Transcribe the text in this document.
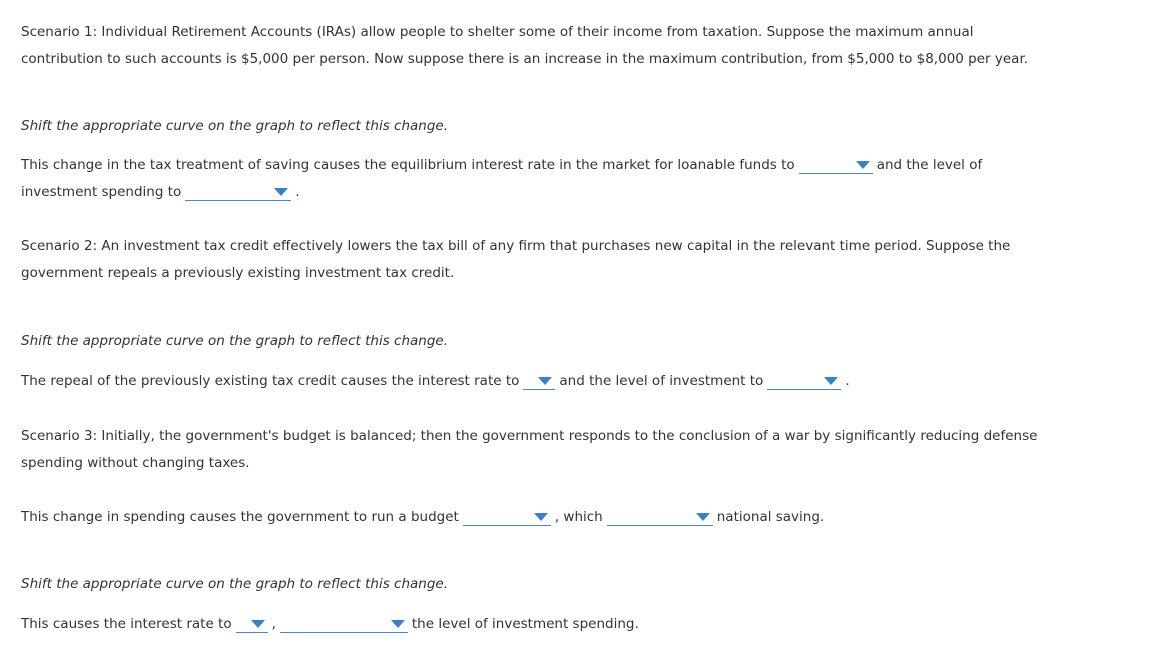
Scenario 1: Individual Retirement Accounts (IRAs) allow people to shelter some of their income from taxation. Suppose the maximum annual

contribution to such accounts is $5,000 per person. Now suppose there is an increase in the maximum contribution, from $5,000 to $8,000 per year.

Shift the appropriate curve on the graph to reflect this change.

This change in the tax treatment of saving causes the equilibrium interest rate in the market for loanable funds to	and the level of

investment spending to	.

Scenario 2: An investment tax credit effectively lowers the tax bill of any firm that purchases new capital in the relevant time period. Suppose the

government repeals a previously existing investment tax credit.

Shift the appropriate curve on the graph to reflect this change.

The repeal of the previously existing tax credit causes the interest rate to	and the level of investment to	.

Scenario 3: Initially, the government's budget is balanced; then the government responds to the conclusion of a war by significantly reducing defense

spending without changing taxes.

This change in spending causes the government to run a budget	, which	national saving.

Shift the appropriate curve on the graph to reflect this change.

This causes the interest rate to	,	the level of investment spending.
